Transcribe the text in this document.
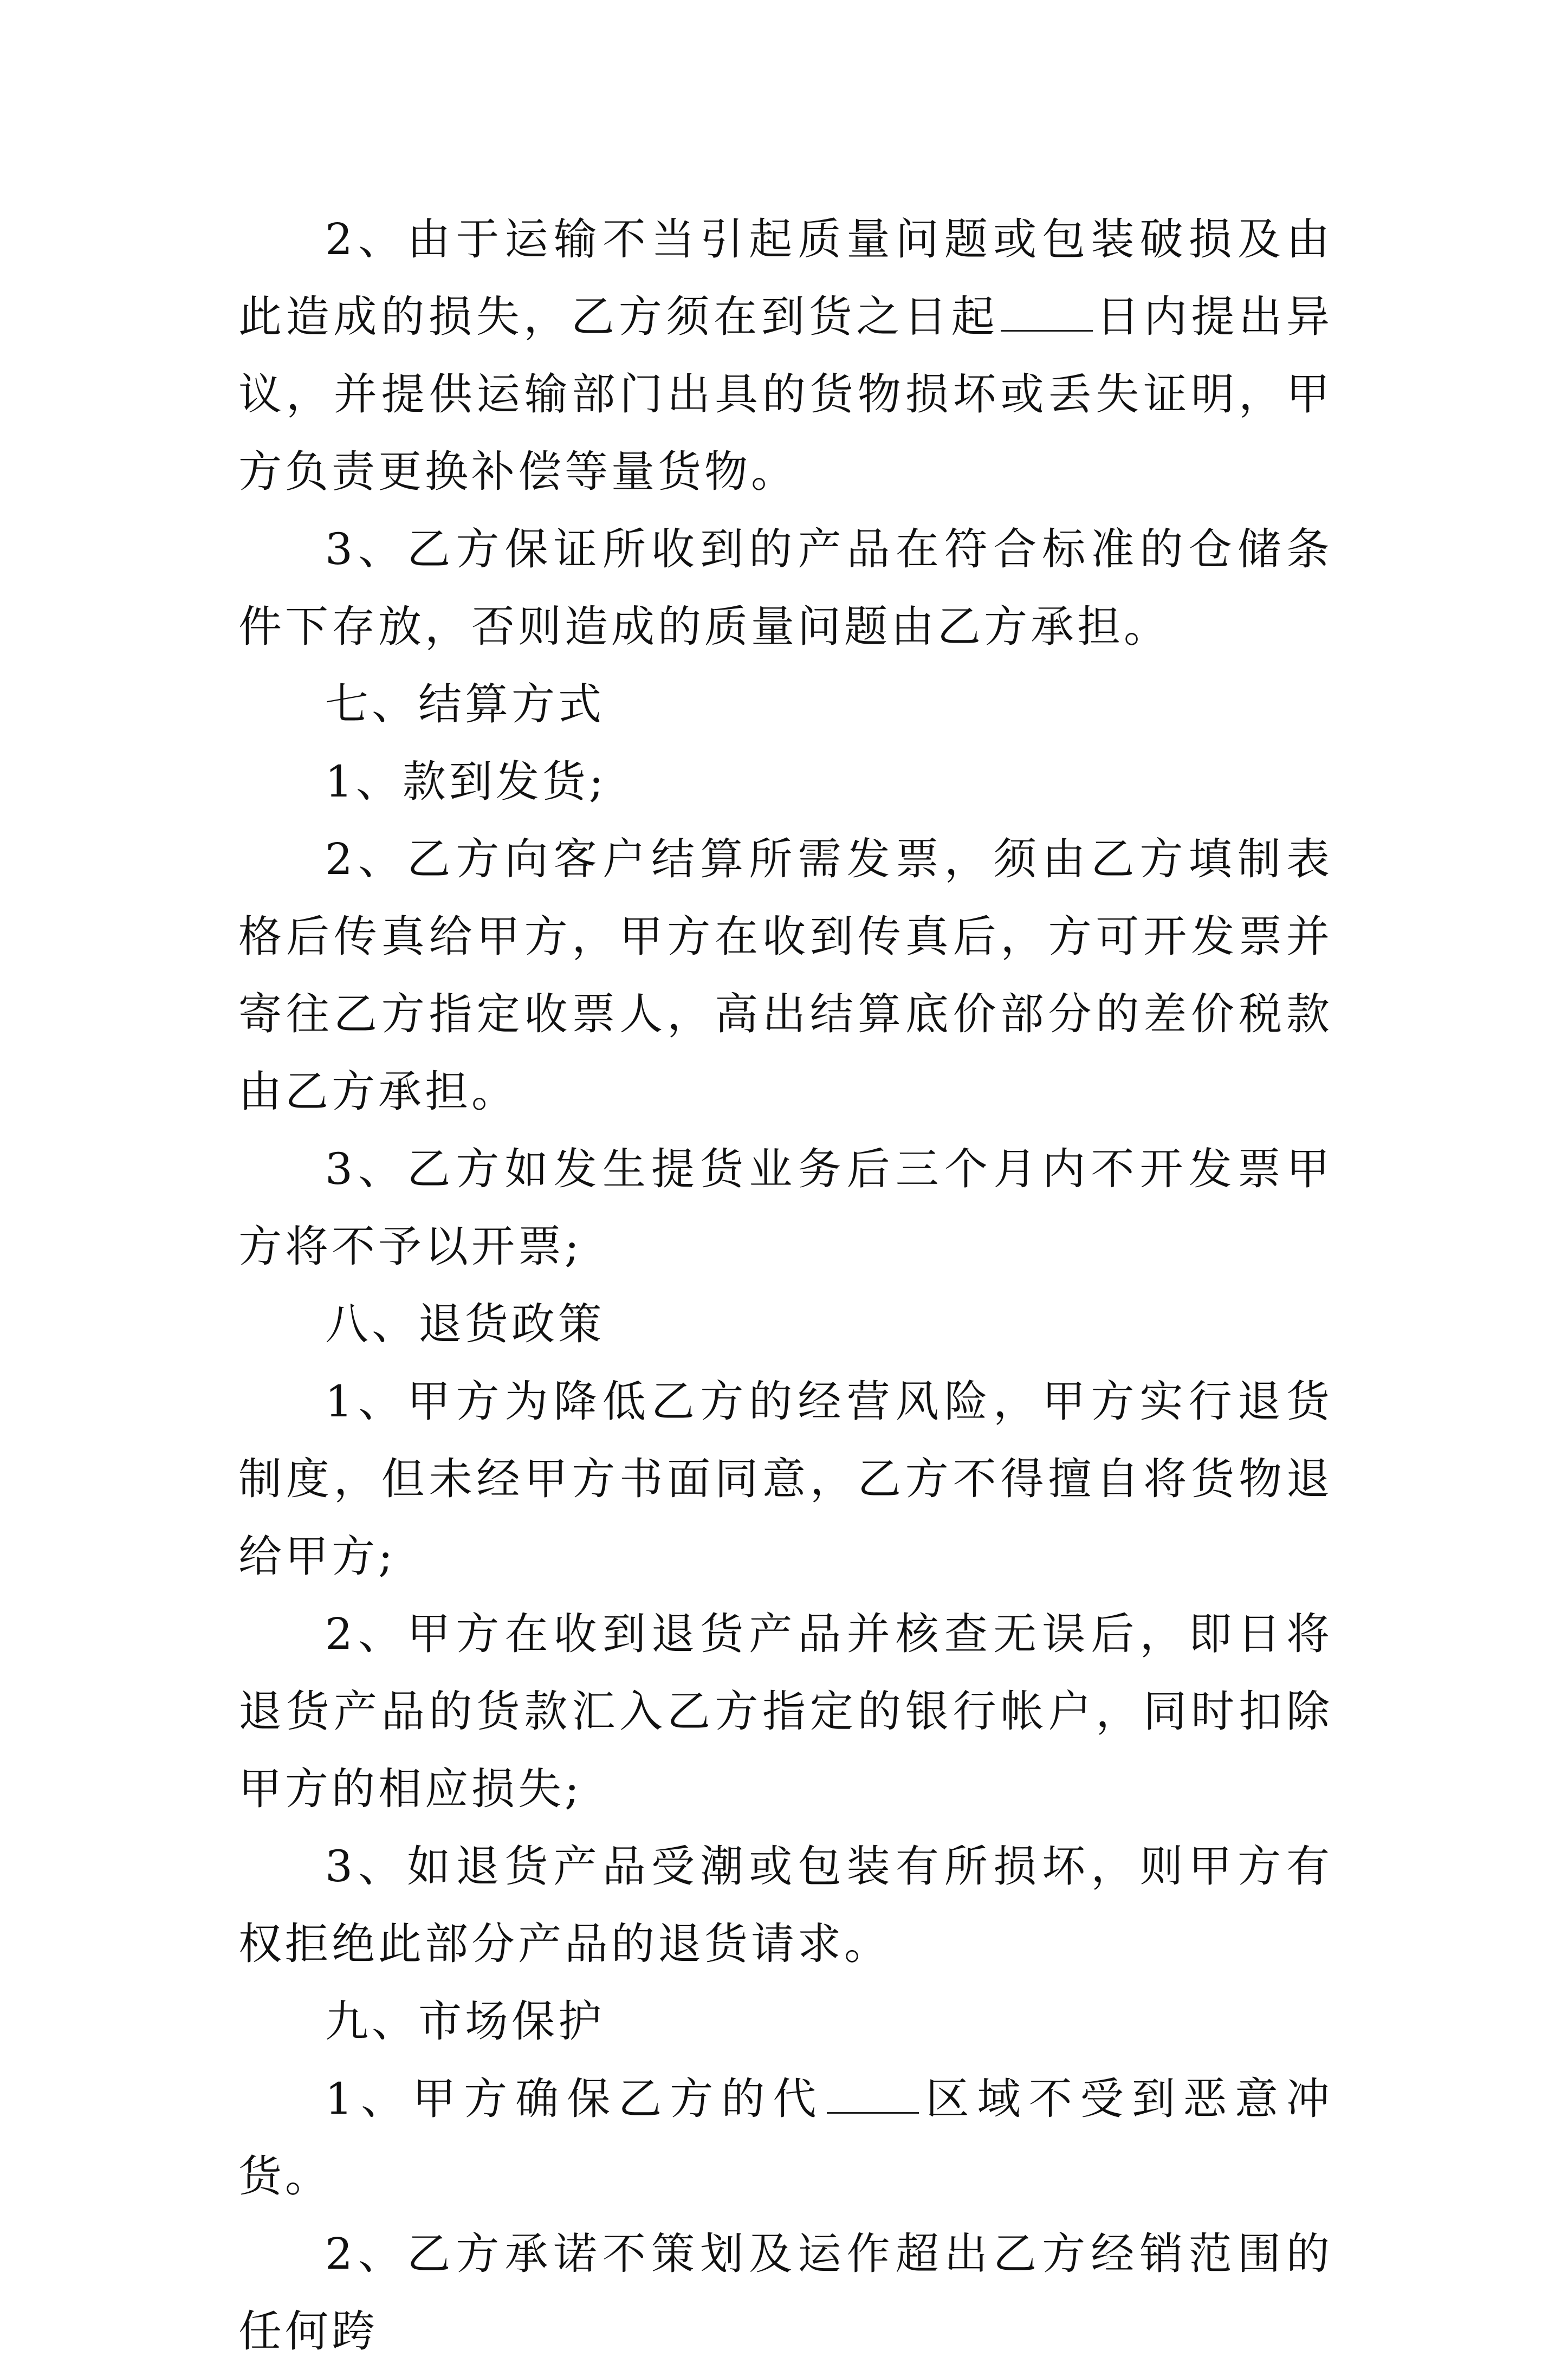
2、由于运输不当引起质量问题或包装破损及由此造成的损失，乙方须在到货之日起 日内提出异议，并提供运输部门出具的货物损坏或丢失证明，甲方负责更换补偿等量货物。

3、乙方保证所收到的产品在符合标准的仓储条件下存放，否则造成的质量问题由乙方承担。

七、结算方式

1、款到发货;

2、乙方向客户结算所需发票，须由乙方填制表格后传真给甲方，甲方在收到传真后，方可开发票并寄往乙方指定收票人，高出结算底价部分的差价税款由乙方承担。

3、乙方如发生提货业务后三个月内不开发票甲方将不予以开票;

八、退货政策

1、甲方为降低乙方的经营风险，甲方实行退货制度，但未经甲方书面同意，乙方不得擅自将货物退给甲方;

2、甲方在收到退货产品并核查无误后，即日将退货产品的货款汇入乙方指定的银行帐户，同时扣除甲方的相应损失;

3、如退货产品受潮或包装有所损坏，则甲方有权拒绝此部分产品的退货请求。

九、市场保护

1、甲方确保乙方的代 区域不受到恶意冲货。

2、乙方承诺不策划及运作超出乙方经销范围的任何跨
